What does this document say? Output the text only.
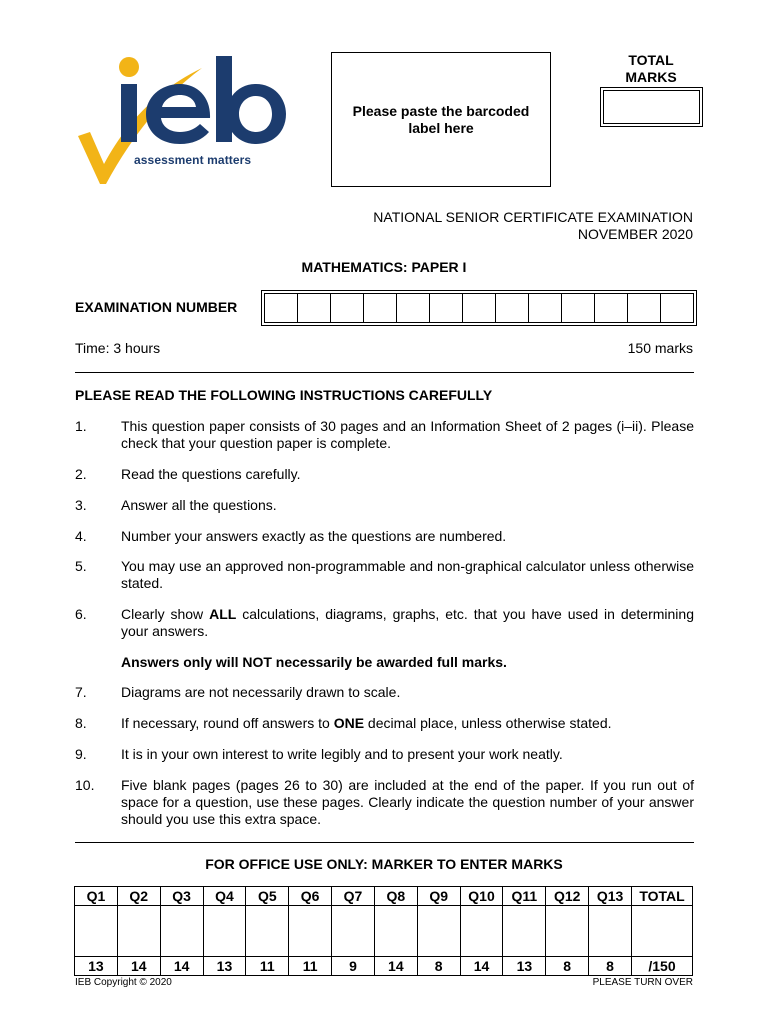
assessment matters
Please paste the barcoded label here
TOTAL
MARKS
NATIONAL SENIOR CERTIFICATE EXAMINATION
NOVEMBER 2020
MATHEMATICS: PAPER I
EXAMINATION NUMBER
Time: 3 hours	150 marks
PLEASE READ THE FOLLOWING INSTRUCTIONS CAREFULLY
1. This question paper consists of 30 pages and an Information Sheet of 2 pages (i–ii). Please check that your question paper is complete.
2. Read the questions carefully.
3. Answer all the questions.
4. Number your answers exactly as the questions are numbered.
5. You may use an approved non-programmable and non-graphical calculator unless otherwise stated.
6. Clearly show ALL calculations, diagrams, graphs, etc. that you have used in determining your answers.
Answers only will NOT necessarily be awarded full marks.
7. Diagrams are not necessarily drawn to scale.
8. If necessary, round off answers to ONE decimal place, unless otherwise stated.
9. It is in your own interest to write legibly and to present your work neatly.
10. Five blank pages (pages 26 to 30) are included at the end of the paper. If you run out of space for a question, use these pages. Clearly indicate the question number of your answer should you use this extra space.
FOR OFFICE USE ONLY: MARKER TO ENTER MARKS
Q1	Q2	Q3	Q4	Q5	Q6	Q7	Q8	Q9	Q10	Q11	Q12	Q13	TOTAL

13	14	14	13	11	11	9	14	8	14	13	8	8	/150
IEB Copyright © 2020	PLEASE TURN OVER
